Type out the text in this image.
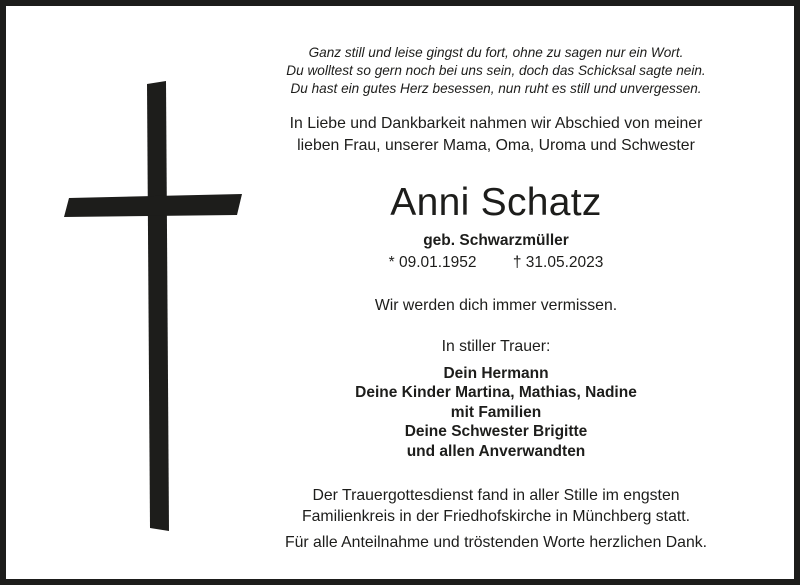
Ganz still und leise gingst du fort, ohne zu sagen nur ein Wort.
Du wolltest so gern noch bei uns sein, doch das Schicksal sagte nein.
Du hast ein gutes Herz besessen, nun ruht es still und unvergessen.
In Liebe und Dankbarkeit nahmen wir Abschied von meiner
lieben Frau, unserer Mama, Oma, Uroma und Schwester
Anni Schatz
geb. Schwarzmüller
* 09.01.1952 † 31.05.2023
Wir werden dich immer vermissen.
In stiller Trauer:
Dein Hermann
Deine Kinder Martina, Mathias, Nadine
mit Familien
Deine Schwester Brigitte
und allen Anverwandten
Der Trauergottesdienst fand in aller Stille im engsten
Familienkreis in der Friedhofskirche in Münchberg statt.
Für alle Anteilnahme und tröstenden Worte herzlichen Dank.
